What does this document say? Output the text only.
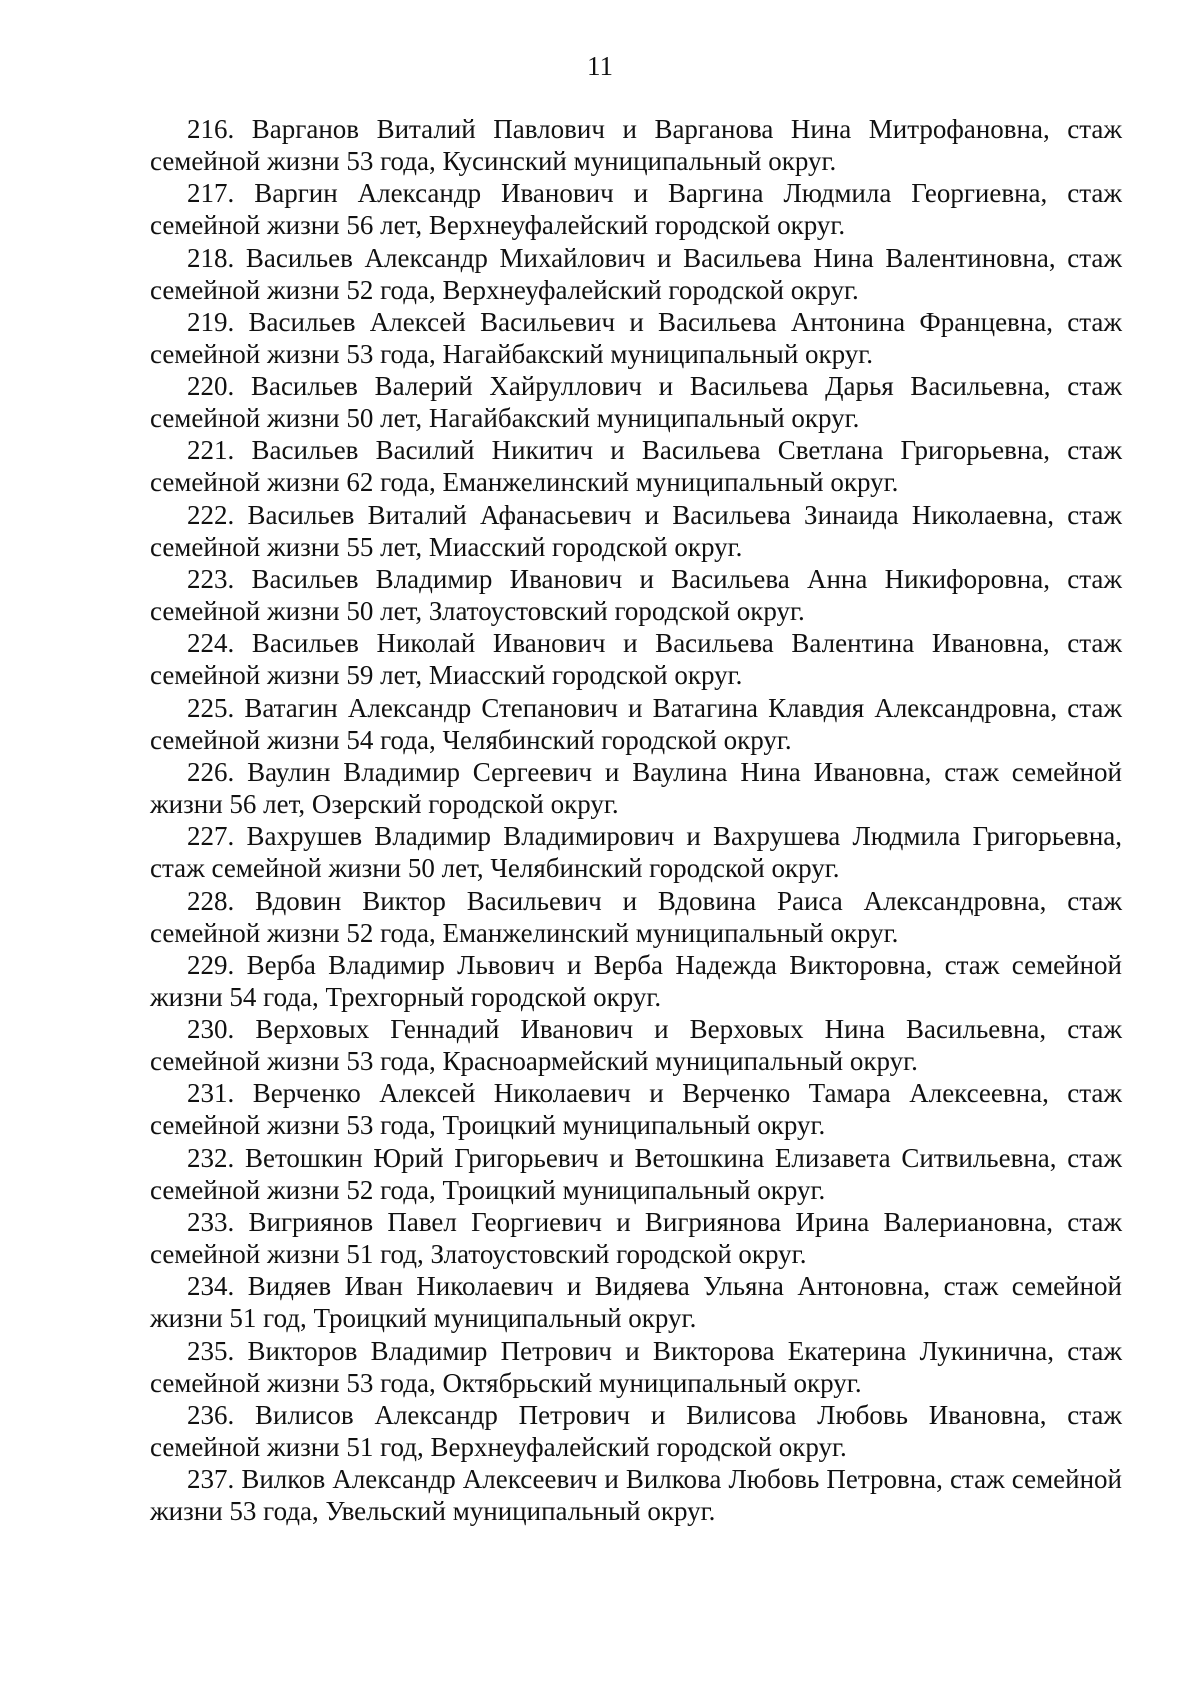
11
216. Варганов Виталий Павлович и Варганова Нина Митрофановна, стаж семейной жизни 53 года, Кусинский муниципальный округ.
217. Варгин Александр Иванович и Варгина Людмила Георгиевна, стаж семейной жизни 56 лет, Верхнеуфалейский городской округ.
218. Васильев Александр Михайлович и Васильева Нина Валентиновна, стаж семейной жизни 52 года, Верхнеуфалейский городской округ.
219. Васильев Алексей Васильевич и Васильева Антонина Францевна, стаж семейной жизни 53 года, Нагайбакский муниципальный округ.
220. Васильев Валерий Хайруллович и Васильева Дарья Васильевна, стаж семейной жизни 50 лет, Нагайбакский муниципальный округ.
221. Васильев Василий Никитич и Васильева Светлана Григорьевна, стаж семейной жизни 62 года, Еманжелинский муниципальный округ.
222. Васильев Виталий Афанасьевич и Васильева Зинаида Николаевна, стаж семейной жизни 55 лет, Миасский городской округ.
223. Васильев Владимир Иванович и Васильева Анна Никифоровна, стаж семейной жизни 50 лет, Златоустовский городской округ.
224. Васильев Николай Иванович и Васильева Валентина Ивановна, стаж семейной жизни 59 лет, Миасский городской округ.
225. Ватагин Александр Степанович и Ватагина Клавдия Александровна, стаж семейной жизни 54 года, Челябинский городской округ.
226. Ваулин Владимир Сергеевич и Ваулина Нина Ивановна, стаж семейной жизни 56 лет, Озерский городской округ.
227. Вахрушев Владимир Владимирович и Вахрушева Людмила Григорьевна, стаж семейной жизни 50 лет, Челябинский городской округ.
228. Вдовин Виктор Васильевич и Вдовина Раиса Александровна, стаж семейной жизни 52 года, Еманжелинский муниципальный округ.
229. Верба Владимир Львович и Верба Надежда Викторовна, стаж семейной жизни 54 года, Трехгорный городской округ.
230. Верховых Геннадий Иванович и Верховых Нина Васильевна, стаж семейной жизни 53 года, Красноармейский муниципальный округ.
231. Верченко Алексей Николаевич и Верченко Тамара Алексеевна, стаж семейной жизни 53 года, Троицкий муниципальный округ.
232. Ветошкин Юрий Григорьевич и Ветошкина Елизавета Ситвильевна, стаж семейной жизни 52 года, Троицкий муниципальный округ.
233. Вигриянов Павел Георгиевич и Вигриянова Ирина Валериановна, стаж семейной жизни 51 год, Златоустовский городской округ.
234. Видяев Иван Николаевич и Видяева Ульяна Антоновна, стаж семейной жизни 51 год, Троицкий муниципальный округ.
235. Викторов Владимир Петрович и Викторова Екатерина Лукинична, стаж семейной жизни 53 года, Октябрьский муниципальный округ.
236. Вилисов Александр Петрович и Вилисова Любовь Ивановна, стаж семейной жизни 51 год, Верхнеуфалейский городской округ.
237. Вилков Александр Алексеевич и Вилкова Любовь Петровна, стаж семейной жизни 53 года, Увельский муниципальный округ.
